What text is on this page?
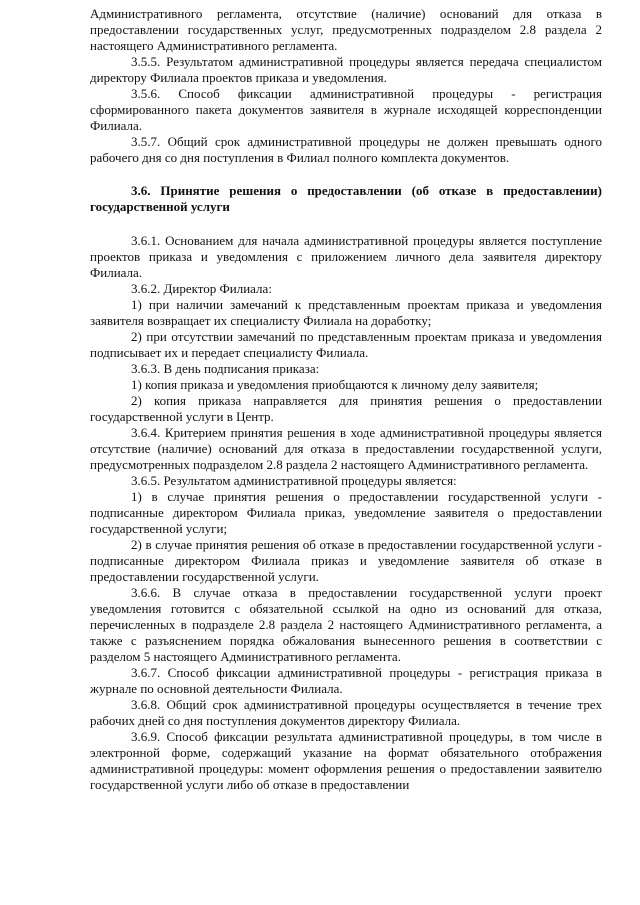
Административного регламента, отсутствие (наличие) оснований для отказа в предоставлении государственных услуг, предусмотренных подразделом 2.8 раздела 2 настоящего Административного регламента.

3.5.5. Результатом административной процедуры является передача специалистом директору Филиала проектов приказа и уведомления.

3.5.6. Способ фиксации административной процедуры - регистрация сформированного пакета документов заявителя в журнале исходящей корреспонденции Филиала.

3.5.7. Общий срок административной процедуры не должен превышать одного рабочего дня со дня поступления в Филиал полного комплекта документов.

3.6. Принятие решения о предоставлении (об отказе в предоставлении) государственной услуги

3.6.1. Основанием для начала административной процедуры является поступление проектов приказа и уведомления с приложением личного дела заявителя директору Филиала.

3.6.2. Директор Филиала:

1) при наличии замечаний к представленным проектам приказа и уведомления заявителя возвращает их специалисту Филиала на доработку;

2) при отсутствии замечаний по представленным проектам приказа и уведомления подписывает их и передает специалисту Филиала.

3.6.3. В день подписания приказа:

1) копия приказа и уведомления приобщаются к личному делу заявителя;

2) копия приказа направляется для принятия решения о предоставлении государственной услуги в Центр.

3.6.4. Критерием принятия решения в ходе административной процедуры является отсутствие (наличие) оснований для отказа в предоставлении государственной услуги, предусмотренных подразделом 2.8 раздела 2 настоящего Административного регламента.

3.6.5. Результатом административной процедуры является:

1) в случае принятия решения о предоставлении государственной услуги - подписанные директором Филиала приказ, уведомление заявителя о предоставлении государственной услуги;

2) в случае принятия решения об отказе в предоставлении государственной услуги - подписанные директором Филиала приказ и уведомление заявителя об отказе в предоставлении государственной услуги.

3.6.6. В случае отказа в предоставлении государственной услуги проект уведомления готовится с обязательной ссылкой на одно из оснований для отказа, перечисленных в подразделе 2.8 раздела 2 настоящего Административного регламента, а также с разъяснением порядка обжалования вынесенного решения в соответствии с разделом 5 настоящего Административного регламента.

3.6.7. Способ фиксации административной процедуры - регистрация приказа в журнале по основной деятельности Филиала.

3.6.8. Общий срок административной процедуры осуществляется в течение трех рабочих дней со дня поступления документов директору Филиала.

3.6.9. Способ фиксации результата административной процедуры, в том числе в электронной форме, содержащий указание на формат обязательного отображения административной процедуры: момент оформления решения о предоставлении заявителю государственной услуги либо об отказе в предоставлении
